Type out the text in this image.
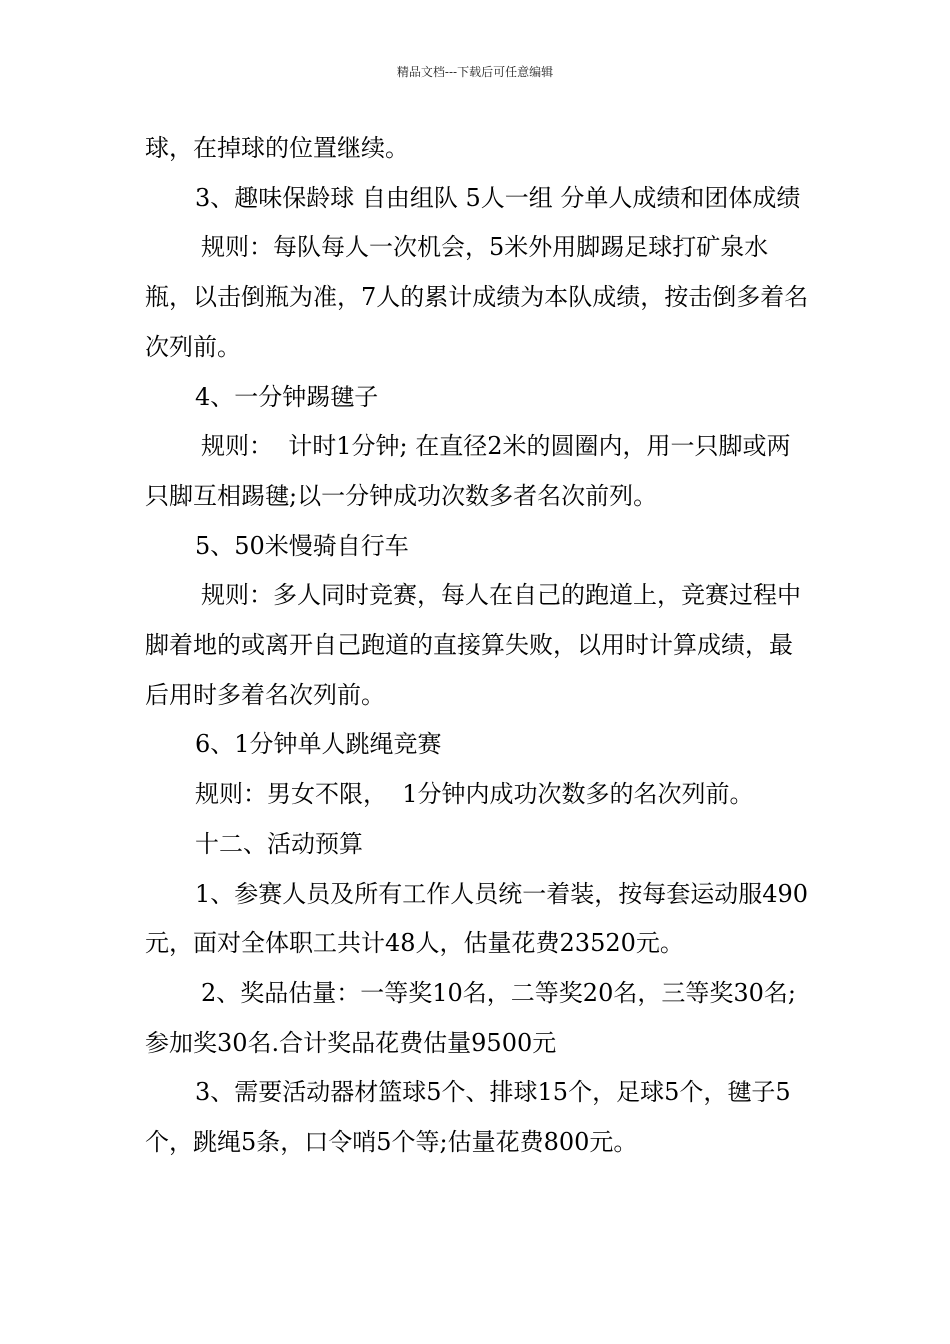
精品文档---下载后可任意编辑

球，在掉球的位置继续。

3、趣味保龄球 自由组队 5人一组 分单人成绩和团体成绩

规则：每队每人一次机会，5米外用脚踢足球打矿泉水瓶，以击倒瓶为准，7人的累计成绩为本队成绩，按击倒多着名次列前。

4、一分钟踢毽子

规则：  计时1分钟; 在直径2米的圆圈内，用一只脚或两只脚互相踢毽;以一分钟成功次数多者名次前列。

5、50米慢骑自行车

规则：多人同时竞赛，每人在自己的跑道上，竞赛过程中脚着地的或离开自己跑道的直接算失败，以用时计算成绩，最后用时多着名次列前。

6、1分钟单人跳绳竞赛

规则：男女不限，  1分钟内成功次数多的名次列前。

十二、活动预算

1、参赛人员及所有工作人员统一着装，按每套运动服490元，面对全体职工共计48人，估量花费23520元。

2、奖品估量：一等奖10名，二等奖20名，三等奖30名;参加奖30名.合计奖品花费估量9500元

3、需要活动器材篮球5个、排球15个，足球5个，毽子5个，跳绳5条，口令哨5个等;估量花费800元。
